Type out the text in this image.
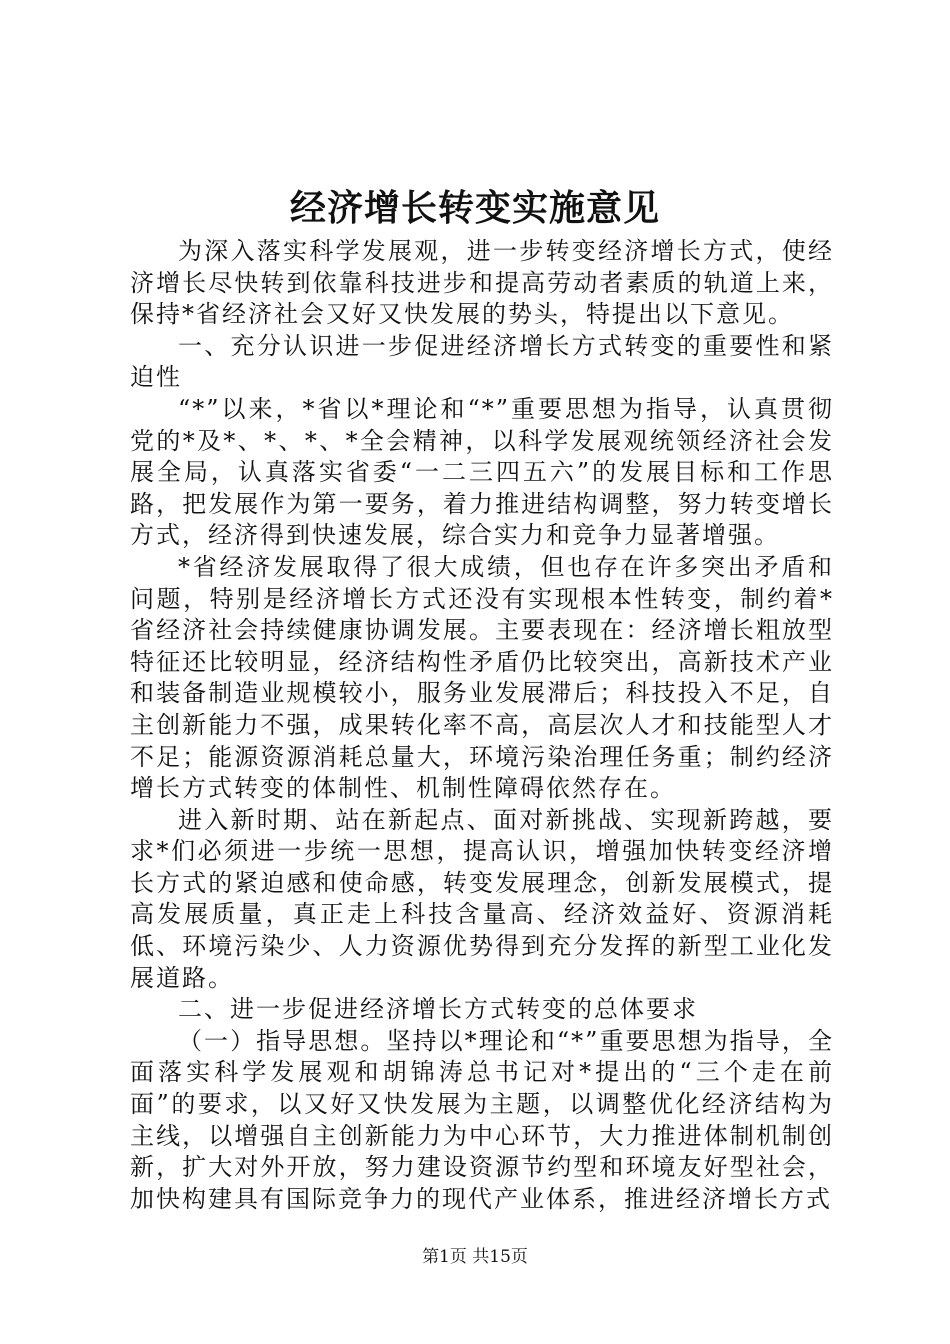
经济增长转变实施意见

为深入落实科学发展观，进一步转变经济增长方式，使经济增长尽快转到依靠科技进步和提高劳动者素质的轨道上来，保持*省经济社会又好又快发展的势头，特提出以下意见。

一、充分认识进一步促进经济增长方式转变的重要性和紧迫性

“*”以来，*省以*理论和“*”重要思想为指导，认真贯彻党的*及*、*、*、*全会精神，以科学发展观统领经济社会发展全局，认真落实省委“一二三四五六”的发展目标和工作思路，把发展作为第一要务，着力推进结构调整，努力转变增长方式，经济得到快速发展，综合实力和竞争力显著增强。

*省经济发展取得了很大成绩，但也存在许多突出矛盾和问题，特别是经济增长方式还没有实现根本性转变，制约着*省经济社会持续健康协调发展。主要表现在：经济增长粗放型特征还比较明显，经济结构性矛盾仍比较突出，高新技术产业和装备制造业规模较小，服务业发展滞后；科技投入不足，自主创新能力不强，成果转化率不高，高层次人才和技能型人才不足；能源资源消耗总量大，环境污染治理任务重；制约经济增长方式转变的体制性、机制性障碍依然存在。

进入新时期、站在新起点、面对新挑战、实现新跨越，要求*们必须进一步统一思想，提高认识，增强加快转变经济增长方式的紧迫感和使命感，转变发展理念，创新发展模式，提高发展质量，真正走上科技含量高、经济效益好、资源消耗低、环境污染少、人力资源优势得到充分发挥的新型工业化发展道路。

二、进一步促进经济增长方式转变的总体要求

（一）指导思想。坚持以*理论和“*”重要思想为指导，全面落实科学发展观和胡锦涛总书记对*提出的“三个走在前面”的要求，以又好又快发展为主题，以调整优化经济结构为主线，以增强自主创新能力为中心环节，大力推进体制机制创新，扩大对外开放，努力建设资源节约型和环境友好型社会，加快构建具有国际竞争力的现代产业体系，推进经济增长方式

第1页 共15页
